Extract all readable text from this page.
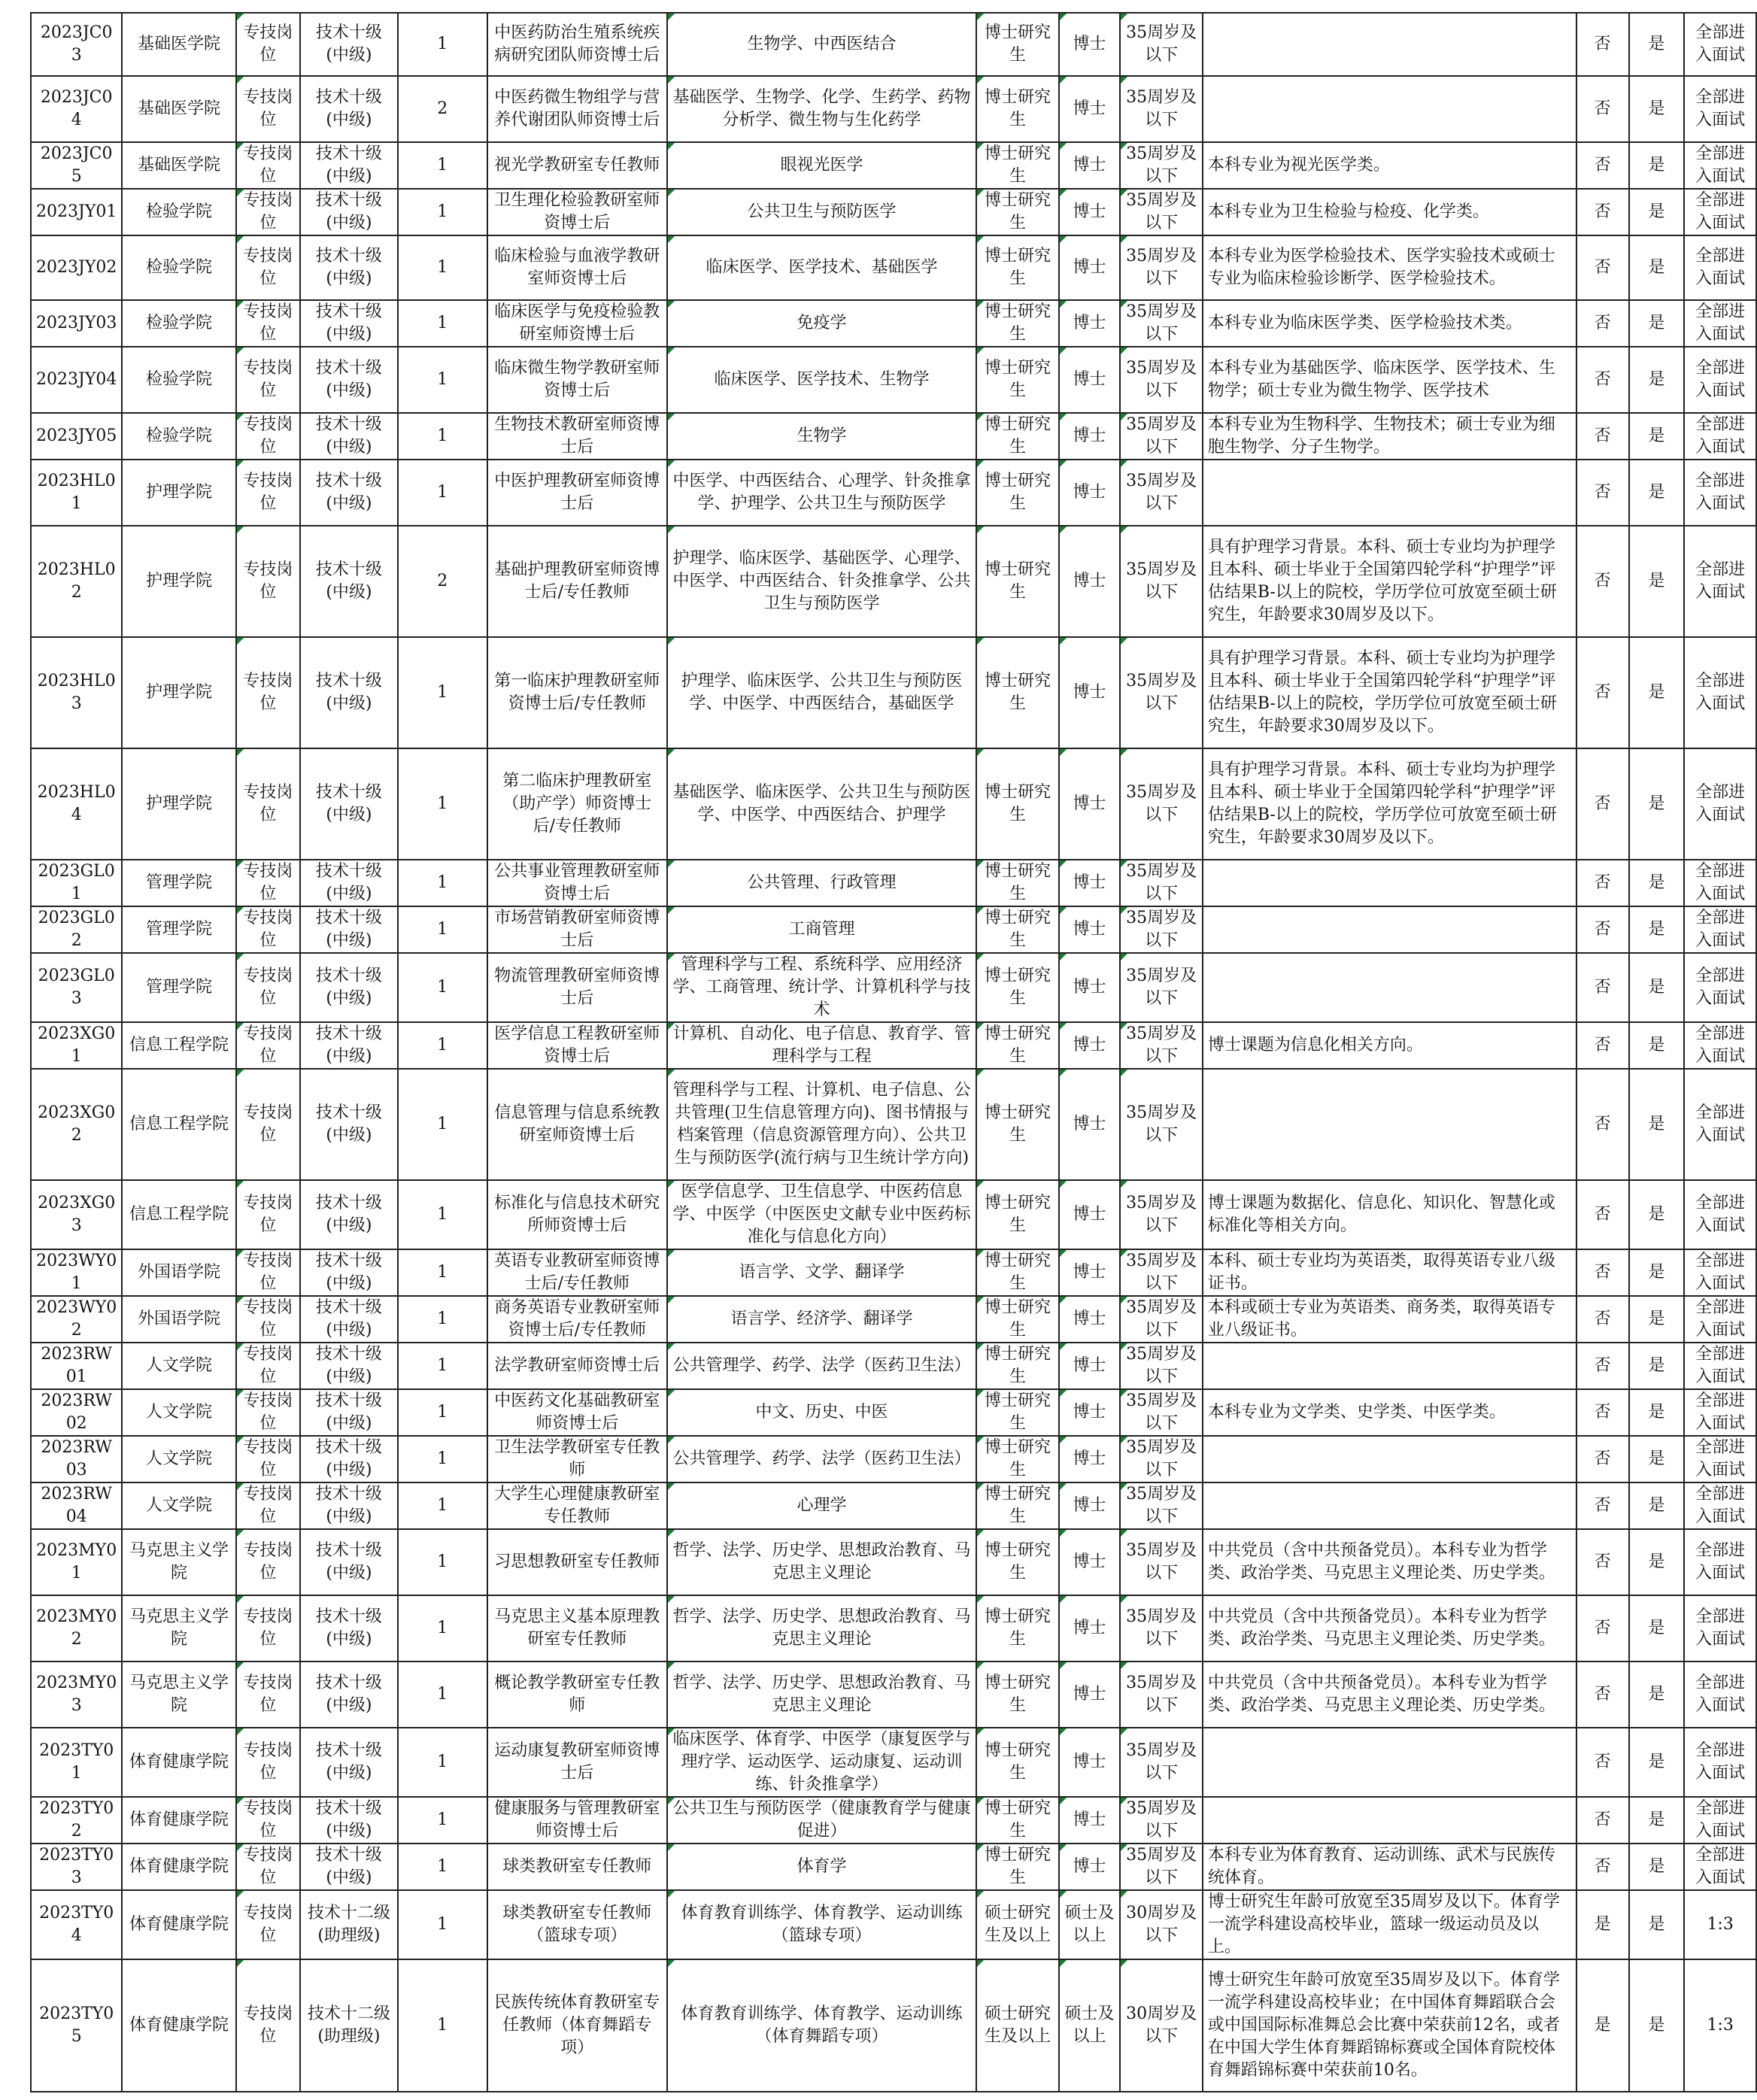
2023JC03	基础医学院	专技岗位	技术十级(中级)	1	中医药防治生殖系统疾病研究团队师资博士后	生物学、中西医结合	博士研究生	博士	35周岁及以下		否	是	全部进入面试
2023JC04	基础医学院	专技岗位	技术十级(中级)	2	中医药微生物组学与营养代谢团队师资博士后	基础医学、生物学、化学、生药学、药物分析学、微生物与生化药学	博士研究生	博士	35周岁及以下		否	是	全部进入面试
2023JC05	基础医学院	专技岗位	技术十级(中级)	1	视光学教研室专任教师	眼视光医学	博士研究生	博士	35周岁及以下	本科专业为视光医学类。	否	是	全部进入面试
2023JY01	检验学院	专技岗位	技术十级(中级)	1	卫生理化检验教研室师资博士后	公共卫生与预防医学	博士研究生	博士	35周岁及以下	本科专业为卫生检验与检疫、化学类。	否	是	全部进入面试
2023JY02	检验学院	专技岗位	技术十级(中级)	1	临床检验与血液学教研室师资博士后	临床医学、医学技术、基础医学	博士研究生	博士	35周岁及以下	本科专业为医学检验技术、医学实验技术或硕士专业为临床检验诊断学、医学检验技术。	否	是	全部进入面试
2023JY03	检验学院	专技岗位	技术十级(中级)	1	临床医学与免疫检验教研室师资博士后	免疫学	博士研究生	博士	35周岁及以下	本科专业为临床医学类、医学检验技术类。	否	是	全部进入面试
2023JY04	检验学院	专技岗位	技术十级(中级)	1	临床微生物学教研室师资博士后	临床医学、医学技术、生物学	博士研究生	博士	35周岁及以下	本科专业为基础医学、临床医学、医学技术、生物学；硕士专业为微生物学、医学技术	否	是	全部进入面试
2023JY05	检验学院	专技岗位	技术十级(中级)	1	生物技术教研室师资博士后	生物学	博士研究生	博士	35周岁及以下	本科专业为生物科学、生物技术；硕士专业为细胞生物学、分子生物学。	否	是	全部进入面试
2023HL01	护理学院	专技岗位	技术十级(中级)	1	中医护理教研室师资博士后	中医学、中西医结合、心理学、针灸推拿学、护理学、公共卫生与预防医学	博士研究生	博士	35周岁及以下		否	是	全部进入面试
2023HL02	护理学院	专技岗位	技术十级(中级)	2	基础护理教研室师资博士后/专任教师	护理学、临床医学、基础医学、心理学、中医学、中西医结合、针灸推拿学、公共卫生与预防医学	博士研究生	博士	35周岁及以下	具有护理学习背景。本科、硕士专业均为护理学且本科、硕士毕业于全国第四轮学科“护理学”评估结果B-以上的院校，学历学位可放宽至硕士研究生，年龄要求30周岁及以下。	否	是	全部进入面试
2023HL03	护理学院	专技岗位	技术十级(中级)	1	第一临床护理教研室师资博士后/专任教师	护理学、临床医学、公共卫生与预防医学、中医学、中西医结合，基础医学	博士研究生	博士	35周岁及以下	具有护理学习背景。本科、硕士专业均为护理学且本科、硕士毕业于全国第四轮学科“护理学”评估结果B-以上的院校，学历学位可放宽至硕士研究生，年龄要求30周岁及以下。	否	是	全部进入面试
2023HL04	护理学院	专技岗位	技术十级(中级)	1	第二临床护理教研室（助产学）师资博士后/专任教师	基础医学、临床医学、公共卫生与预防医学、中医学、中西医结合、护理学	博士研究生	博士	35周岁及以下	具有护理学习背景。本科、硕士专业均为护理学且本科、硕士毕业于全国第四轮学科“护理学”评估结果B-以上的院校，学历学位可放宽至硕士研究生，年龄要求30周岁及以下。	否	是	全部进入面试
2023GL01	管理学院	专技岗位	技术十级(中级)	1	公共事业管理教研室师资博士后	公共管理、行政管理	博士研究生	博士	35周岁及以下		否	是	全部进入面试
2023GL02	管理学院	专技岗位	技术十级(中级)	1	市场营销教研室师资博士后	工商管理	博士研究生	博士	35周岁及以下		否	是	全部进入面试
2023GL03	管理学院	专技岗位	技术十级(中级)	1	物流管理教研室师资博士后	管理科学与工程、系统科学、应用经济学、工商管理、统计学、计算机科学与技术	博士研究生	博士	35周岁及以下		否	是	全部进入面试
2023XG01	信息工程学院	专技岗位	技术十级(中级)	1	医学信息工程教研室师资博士后	计算机、自动化、电子信息、教育学、管理科学与工程	博士研究生	博士	35周岁及以下	博士课题为信息化相关方向。	否	是	全部进入面试
2023XG02	信息工程学院	专技岗位	技术十级(中级)	1	信息管理与信息系统教研室师资博士后	管理科学与工程、计算机、电子信息、公共管理(卫生信息管理方向)、图书情报与档案管理（信息资源管理方向）、公共卫生与预防医学(流行病与卫生统计学方向)	博士研究生	博士	35周岁及以下		否	是	全部进入面试
2023XG03	信息工程学院	专技岗位	技术十级(中级)	1	标准化与信息技术研究所师资博士后	医学信息学、卫生信息学、中医药信息学、中医学（中医医史文献专业中医药标准化与信息化方向）	博士研究生	博士	35周岁及以下	博士课题为数据化、信息化、知识化、智慧化或标准化等相关方向。	否	是	全部进入面试
2023WY01	外国语学院	专技岗位	技术十级(中级)	1	英语专业教研室师资博士后/专任教师	语言学、文学、翻译学	博士研究生	博士	35周岁及以下	本科、硕士专业均为英语类，取得英语专业八级证书。	否	是	全部进入面试
2023WY02	外国语学院	专技岗位	技术十级(中级)	1	商务英语专业教研室师资博士后/专任教师	语言学、经济学、翻译学	博士研究生	博士	35周岁及以下	本科或硕士专业为英语类、商务类，取得英语专业八级证书。	否	是	全部进入面试
2023RW01	人文学院	专技岗位	技术十级(中级)	1	法学教研室师资博士后	公共管理学、药学、法学（医药卫生法）	博士研究生	博士	35周岁及以下		否	是	全部进入面试
2023RW02	人文学院	专技岗位	技术十级(中级)	1	中医药文化基础教研室师资博士后	中文、历史、中医	博士研究生	博士	35周岁及以下	本科专业为文学类、史学类、中医学类。	否	是	全部进入面试
2023RW03	人文学院	专技岗位	技术十级(中级)	1	卫生法学教研室专任教师	公共管理学、药学、法学（医药卫生法）	博士研究生	博士	35周岁及以下		否	是	全部进入面试
2023RW04	人文学院	专技岗位	技术十级(中级)	1	大学生心理健康教研室专任教师	心理学	博士研究生	博士	35周岁及以下		否	是	全部进入面试
2023MY01	马克思主义学院	专技岗位	技术十级(中级)	1	习思想教研室专任教师	哲学、法学、历史学、思想政治教育、马克思主义理论	博士研究生	博士	35周岁及以下	中共党员（含中共预备党员）。本科专业为哲学类、政治学类、马克思主义理论类、历史学类。	否	是	全部进入面试
2023MY02	马克思主义学院	专技岗位	技术十级(中级)	1	马克思主义基本原理教研室专任教师	哲学、法学、历史学、思想政治教育、马克思主义理论	博士研究生	博士	35周岁及以下	中共党员（含中共预备党员）。本科专业为哲学类、政治学类、马克思主义理论类、历史学类。	否	是	全部进入面试
2023MY03	马克思主义学院	专技岗位	技术十级(中级)	1	概论教学教研室专任教师	哲学、法学、历史学、思想政治教育、马克思主义理论	博士研究生	博士	35周岁及以下	中共党员（含中共预备党员）。本科专业为哲学类、政治学类、马克思主义理论类、历史学类。	否	是	全部进入面试
2023TY01	体育健康学院	专技岗位	技术十级(中级)	1	运动康复教研室师资博士后	临床医学、体育学、中医学（康复医学与理疗学、运动医学、运动康复、运动训练、针灸推拿学）	博士研究生	博士	35周岁及以下		否	是	全部进入面试
2023TY02	体育健康学院	专技岗位	技术十级(中级)	1	健康服务与管理教研室师资博士后	公共卫生与预防医学（健康教育学与健康促进）	博士研究生	博士	35周岁及以下		否	是	全部进入面试
2023TY03	体育健康学院	专技岗位	技术十级(中级)	1	球类教研室专任教师	体育学	博士研究生	博士	35周岁及以下	本科专业为体育教育、运动训练、武术与民族传统体育。	否	是	全部进入面试
2023TY04	体育健康学院	专技岗位	技术十二级(助理级)	1	球类教研室专任教师（篮球专项）	体育教育训练学、体育教学、运动训练（篮球专项）	硕士研究生及以上	硕士及以上	30周岁及以下	博士研究生年龄可放宽至35周岁及以下。体育学一流学科建设高校毕业，篮球一级运动员及以上。	是	是	1:3
2023TY05	体育健康学院	专技岗位	技术十二级(助理级)	1	民族传统体育教研室专任教师（体育舞蹈专项）	体育教育训练学、体育教学、运动训练（体育舞蹈专项）	硕士研究生及以上	硕士及以上	30周岁及以下	博士研究生年龄可放宽至35周岁及以下。体育学一流学科建设高校毕业；在中国体育舞蹈联合会或中国国际标准舞总会比赛中荣获前12名，或者在中国大学生体育舞蹈锦标赛或全国体育院校体育舞蹈锦标赛中荣获前10名。	是	是	1:3
